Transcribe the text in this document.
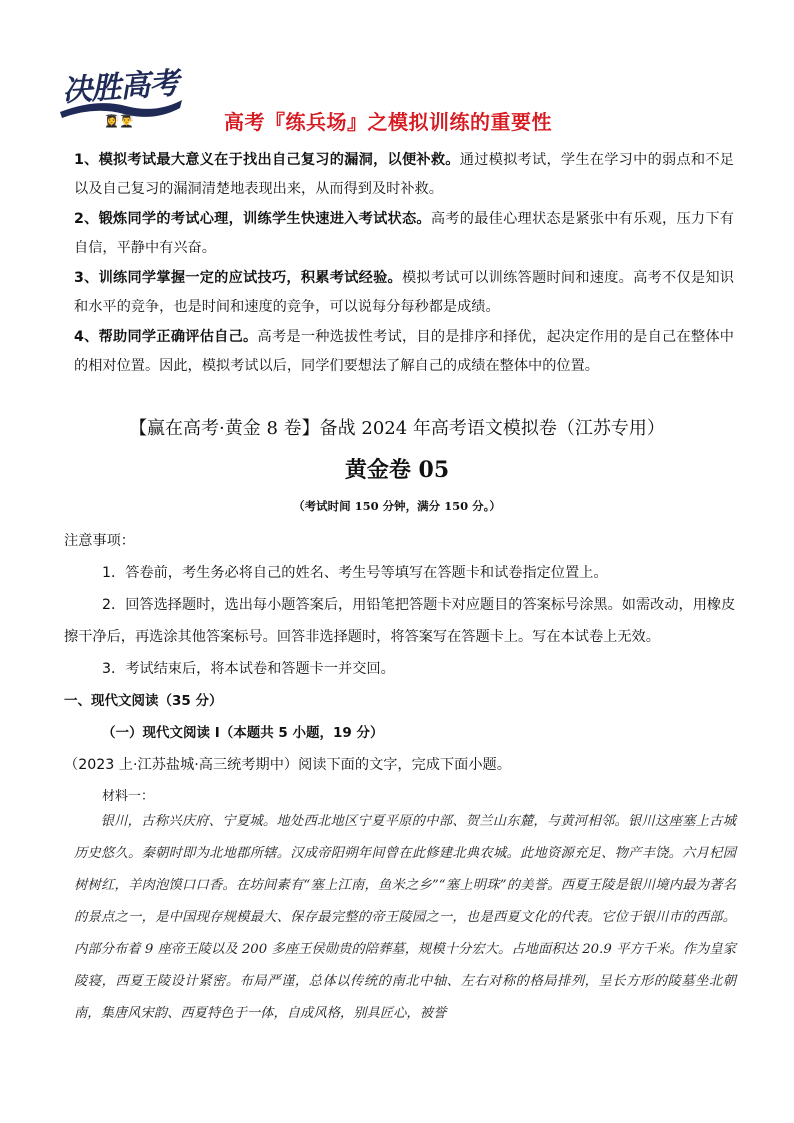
决胜高考
👩‍🎓👨‍🎓	高考『练兵场』之模拟训练的重要性

1、模拟考试最大意义在于找出自己复习的漏洞，以便补救。通过模拟考试，学生在学习中的弱点和不足以及自己复习的漏洞清楚地表现出来，从而得到及时补救。

2、锻炼同学的考试心理，训练学生快速进入考试状态。高考的最佳心理状态是紧张中有乐观，压力下有自信，平静中有兴奋。

3、训练同学掌握一定的应试技巧，积累考试经验。模拟考试可以训练答题时间和速度。高考不仅是知识和水平的竞争，也是时间和速度的竞争，可以说每分每秒都是成绩。

4、帮助同学正确评估自己。高考是一种选拔性考试，目的是排序和择优，起决定作用的是自己在整体中的相对位置。因此，模拟考试以后，同学们要想法了解自己的成绩在整体中的位置。

【赢在高考·黄金 8 卷】备战 2024 年高考语文模拟卷（江苏专用）
黄金卷 05
（考试时间 150 分钟，满分 150 分。）

注意事项：

1．答卷前，考生务必将自己的姓名、考生号等填写在答题卡和试卷指定位置上。

2．回答选择题时，选出每小题答案后，用铅笔把答题卡对应题目的答案标号涂黑。如需改动，用橡皮擦干净后，再选涂其他答案标号。回答非选择题时，将答案写在答题卡上。写在本试卷上无效。

3．考试结束后，将本试卷和答题卡一并交回。

一、现代文阅读（35 分）

（一）现代文阅读 I（本题共 5 小题，19 分）

（2023 上·江苏盐城·高三统考期中）阅读下面的文字，完成下面小题。

材料一：

银川，古称兴庆府、宁夏城。地处西北地区宁夏平原的中部、贺兰山东麓，与黄河相邻。银川这座塞上古城历史悠久。秦朝时即为北地郡所辖。汉成帝阳朔年间曾在此修建北典农城。此地资源充足、物产丰饶。六月杞园树树红，羊肉泡馍口口香。在坊间素有“塞上江南，鱼米之乡”“塞上明珠”的美誉。西夏王陵是银川境内最为著名的景点之一，是中国现存规模最大、保存最完整的帝王陵园之一，也是西夏文化的代表。它位于银川市的西部。内部分布着 9 座帝王陵以及 200 多座王侯勋贵的陪葬墓，规模十分宏大。占地面积达 20.9 平方千米。作为皇家陵寝，西夏王陵设计紧密。布局严谨，总体以传统的南北中轴、左右对称的格局排列，呈长方形的陵墓坐北朝南，集唐风宋韵、西夏特色于一体，自成风格，别具匠心，被誉
